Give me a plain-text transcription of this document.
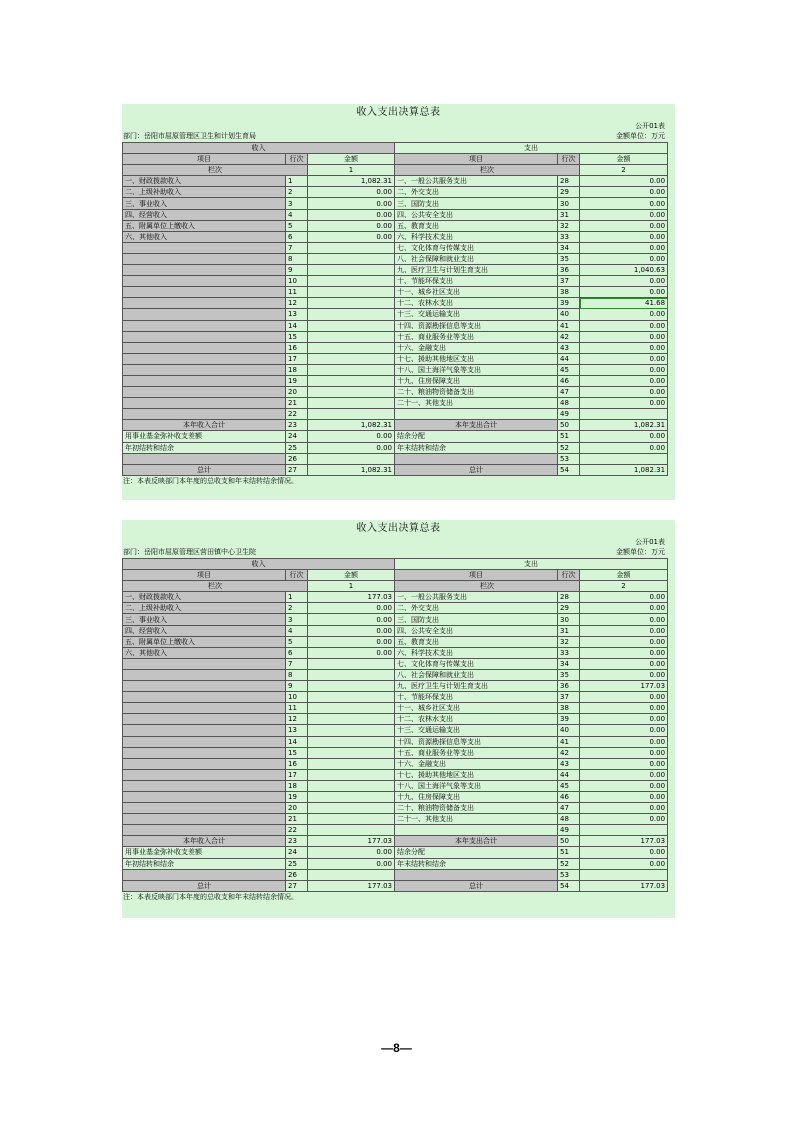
收入支出决算总表
公开01表
部门：岳阳市屈原管理区卫生和计划生育局	金额单位：万元
收入			支出		
项目	行次	金额	项目	行次	金额
栏次		1	栏次		2
一、财政拨款收入	1	1,082.31	一、一般公共服务支出	28	0.00
二、上级补助收入	2	0.00	二、外交支出	29	0.00
三、事业收入	3	0.00	三、国防支出	30	0.00
四、经营收入	4	0.00	四、公共安全支出	31	0.00
五、附属单位上缴收入	5	0.00	五、教育支出	32	0.00
六、其他收入	6	0.00	六、科学技术支出	33	0.00
	7		七、文化体育与传媒支出	34	0.00
	8		八、社会保障和就业支出	35	0.00
	9		九、医疗卫生与计划生育支出	36	1,040.63
	10		十、节能环保支出	37	0.00
	11		十一、城乡社区支出	38	0.00
	12		十二、农林水支出	39	41.68
	13		十三、交通运输支出	40	0.00
	14		十四、资源勘探信息等支出	41	0.00
	15		十五、商业服务业等支出	42	0.00
	16		十六、金融支出	43	0.00
	17		十七、援助其他地区支出	44	0.00
	18		十八、国土海洋气象等支出	45	0.00
	19		十九、住房保障支出	46	0.00
	20		二十、粮油物资储备支出	47	0.00
	21		二十一、其他支出	48	0.00
	22			49	
本年收入合计	23	1,082.31	本年支出合计	50	1,082.31
用事业基金弥补收支差额	24	0.00	结余分配	51	0.00
年初结转和结余	25	0.00	年末结转和结余	52	0.00
	26			53	
总计	27	1,082.31	总计	54	1,082.31
注：本表反映部门本年度的总收支和年末结转结余情况。
收入支出决算总表
公开01表
部门：岳阳市屈原管理区营田镇中心卫生院	金额单位：万元
收入			支出		
项目	行次	金额	项目	行次	金额
栏次		1	栏次		2
一、财政拨款收入	1	177.03	一、一般公共服务支出	28	0.00
二、上级补助收入	2	0.00	二、外交支出	29	0.00
三、事业收入	3	0.00	三、国防支出	30	0.00
四、经营收入	4	0.00	四、公共安全支出	31	0.00
五、附属单位上缴收入	5	0.00	五、教育支出	32	0.00
六、其他收入	6	0.00	六、科学技术支出	33	0.00
	7		七、文化体育与传媒支出	34	0.00
	8		八、社会保障和就业支出	35	0.00
	9		九、医疗卫生与计划生育支出	36	177.03
	10		十、节能环保支出	37	0.00
	11		十一、城乡社区支出	38	0.00
	12		十二、农林水支出	39	0.00
	13		十三、交通运输支出	40	0.00
	14		十四、资源勘探信息等支出	41	0.00
	15		十五、商业服务业等支出	42	0.00
	16		十六、金融支出	43	0.00
	17		十七、援助其他地区支出	44	0.00
	18		十八、国土海洋气象等支出	45	0.00
	19		十九、住房保障支出	46	0.00
	20		二十、粮油物资储备支出	47	0.00
	21		二十一、其他支出	48	0.00
	22			49	
本年收入合计	23	177.03	本年支出合计	50	177.03
用事业基金弥补收支差额	24	0.00	结余分配	51	0.00
年初结转和结余	25	0.00	年末结转和结余	52	0.00
	26			53	
总计	27	177.03	总计	54	177.03
注：本表反映部门本年度的总收支和年末结转结余情况。
—8—
